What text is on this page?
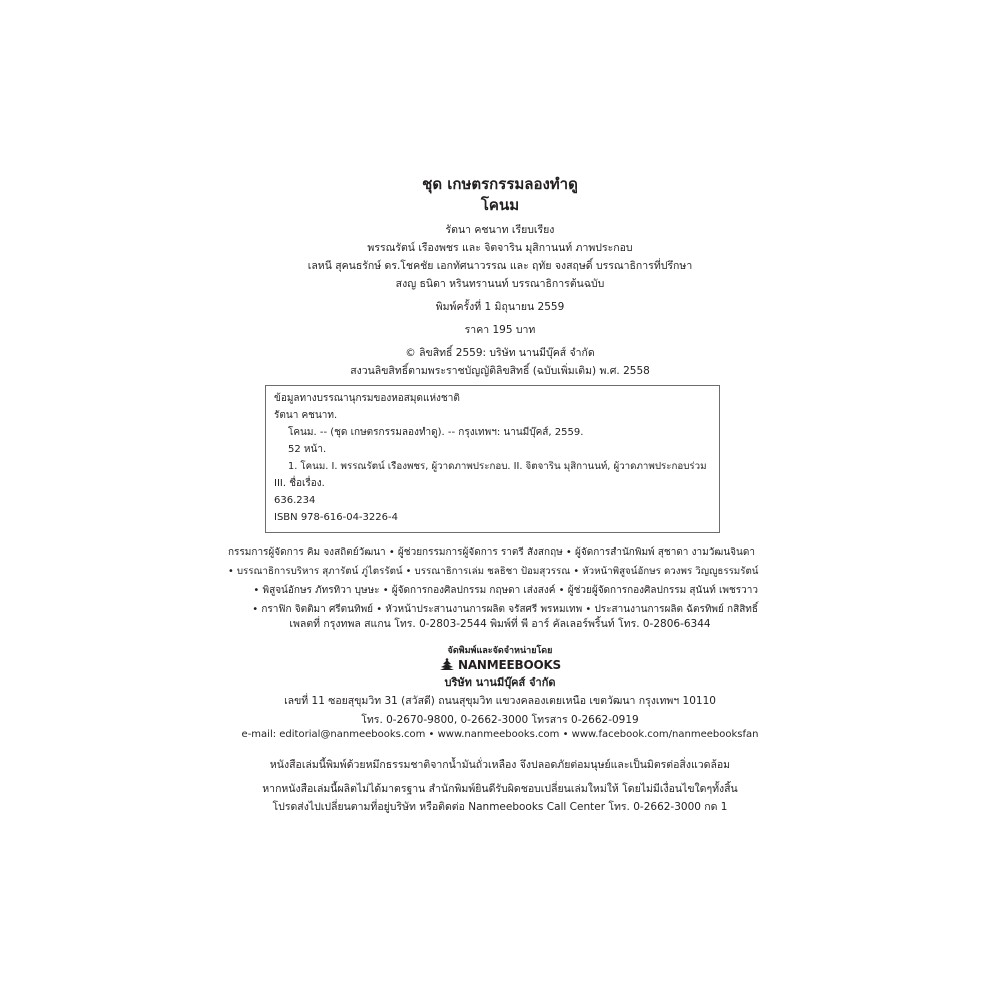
ชุด เกษตรกรรมลองทำดู
โคนม
รัตนา คชนาท เรียบเรียง
พรรณรัตน์ เรืองพชร และ จิตจาริน มุสิกานนท์ ภาพประกอบ
เลหนี สุคนธรักษ์ ดร.โชคชัย เอกทัศนาวรรณ และ ฤทัย จงสฤษดิ์ บรรณาธิการที่ปรึกษา
สงญ ธนิดา หรินทรานนท์ บรรณาธิการต้นฉบับ
พิมพ์ครั้งที่ 1 มิถุนายน 2559
ราคา 195 บาท
© ลิขสิทธิ์ 2559: บริษัท นานมีบุ๊คส์ จำกัด
สงวนลิขสิทธิ์ตามพระราชบัญญัติลิขสิทธิ์ (ฉบับเพิ่มเติม) พ.ศ. 2558
ข้อมูลทางบรรณานุกรมของหอสมุดแห่งชาติ
รัตนา คชนาท.
โคนม. -- (ชุด เกษตรกรรมลองทำดู). -- กรุงเทพฯ: นานมีบุ๊คส์, 2559.
52 หน้า.
1. โคนม. I. พรรณรัตน์ เรืองพชร, ผู้วาดภาพประกอบ. II. จิตจาริน มุสิกานนท์, ผู้วาดภาพประกอบร่วม
III. ชื่อเรื่อง.
636.234
ISBN 978-616-04-3226-4
กรรมการผู้จัดการ คิม จงสถิตย์วัฒนา • ผู้ช่วยกรรมการผู้จัดการ ราตรี สังสกฤษ • ผู้จัดการสำนักพิมพ์ สุชาดา งามวัฒนจินดา
• บรรณาธิการบริหาร สุภารัตน์ ภู่ไตรรัตน์ • บรรณาธิการเล่ม ชลธิชา ป้อมสุวรรณ • หัวหน้าพิสูจน์อักษร ดวงพร วิญญูธรรมรัตน์
• พิสูจน์อักษร ภัทรทิวา บุษษะ • ผู้จัดการกองศิลปกรรม กฤษดา เส่งสงค์ • ผู้ช่วยผู้จัดการกองศิลปกรรม สุนันท์ เพชรวาว
• กราฟิก จิตติมา ศรีตนทิพย์ • หัวหน้าประสานงานการผลิต จรัสศรี พรหมเทพ • ประสานงานการผลิต ฉัตรทิพย์ กสิสิทธิ์
เพลตที่ กรุงทพล สแกน โทร. 0-2803-2544 พิมพ์ที่ พี อาร์ คัลเลอร์พริ้นท์ โทร. 0-2806-6344
จัดพิมพ์และจัดจำหน่ายโดย
NANMEEBOOKS
บริษัท นานมีบุ๊คส์ จำกัด
เลขที่ 11 ซอยสุขุมวิท 31 (สวัสดี) ถนนสุขุมวิท แขวงคลองเตยเหนือ เขตวัฒนา กรุงเทพฯ 10110
โทร. 0-2670-9800, 0-2662-3000 โทรสาร 0-2662-0919
e-mail: editorial@nanmeebooks.com • www.nanmeebooks.com • www.facebook.com/nanmeebooksfan
หนังสือเล่มนี้พิมพ์ด้วยหมึกธรรมชาติจากน้ำมันถั่วเหลือง จึงปลอดภัยต่อมนุษย์และเป็นมิตรต่อสิ่งแวดล้อม
หากหนังสือเล่มนี้ผลิตไม่ได้มาตรฐาน สำนักพิมพ์ยินดีรับผิดชอบเปลี่ยนเล่มใหม่ให้ โดยไม่มีเงื่อนไขใดๆทั้งสิ้น
โปรดส่งไปเปลี่ยนตามที่อยู่บริษัท หรือติดต่อ Nanmeebooks Call Center โทร. 0-2662-3000 กด 1
